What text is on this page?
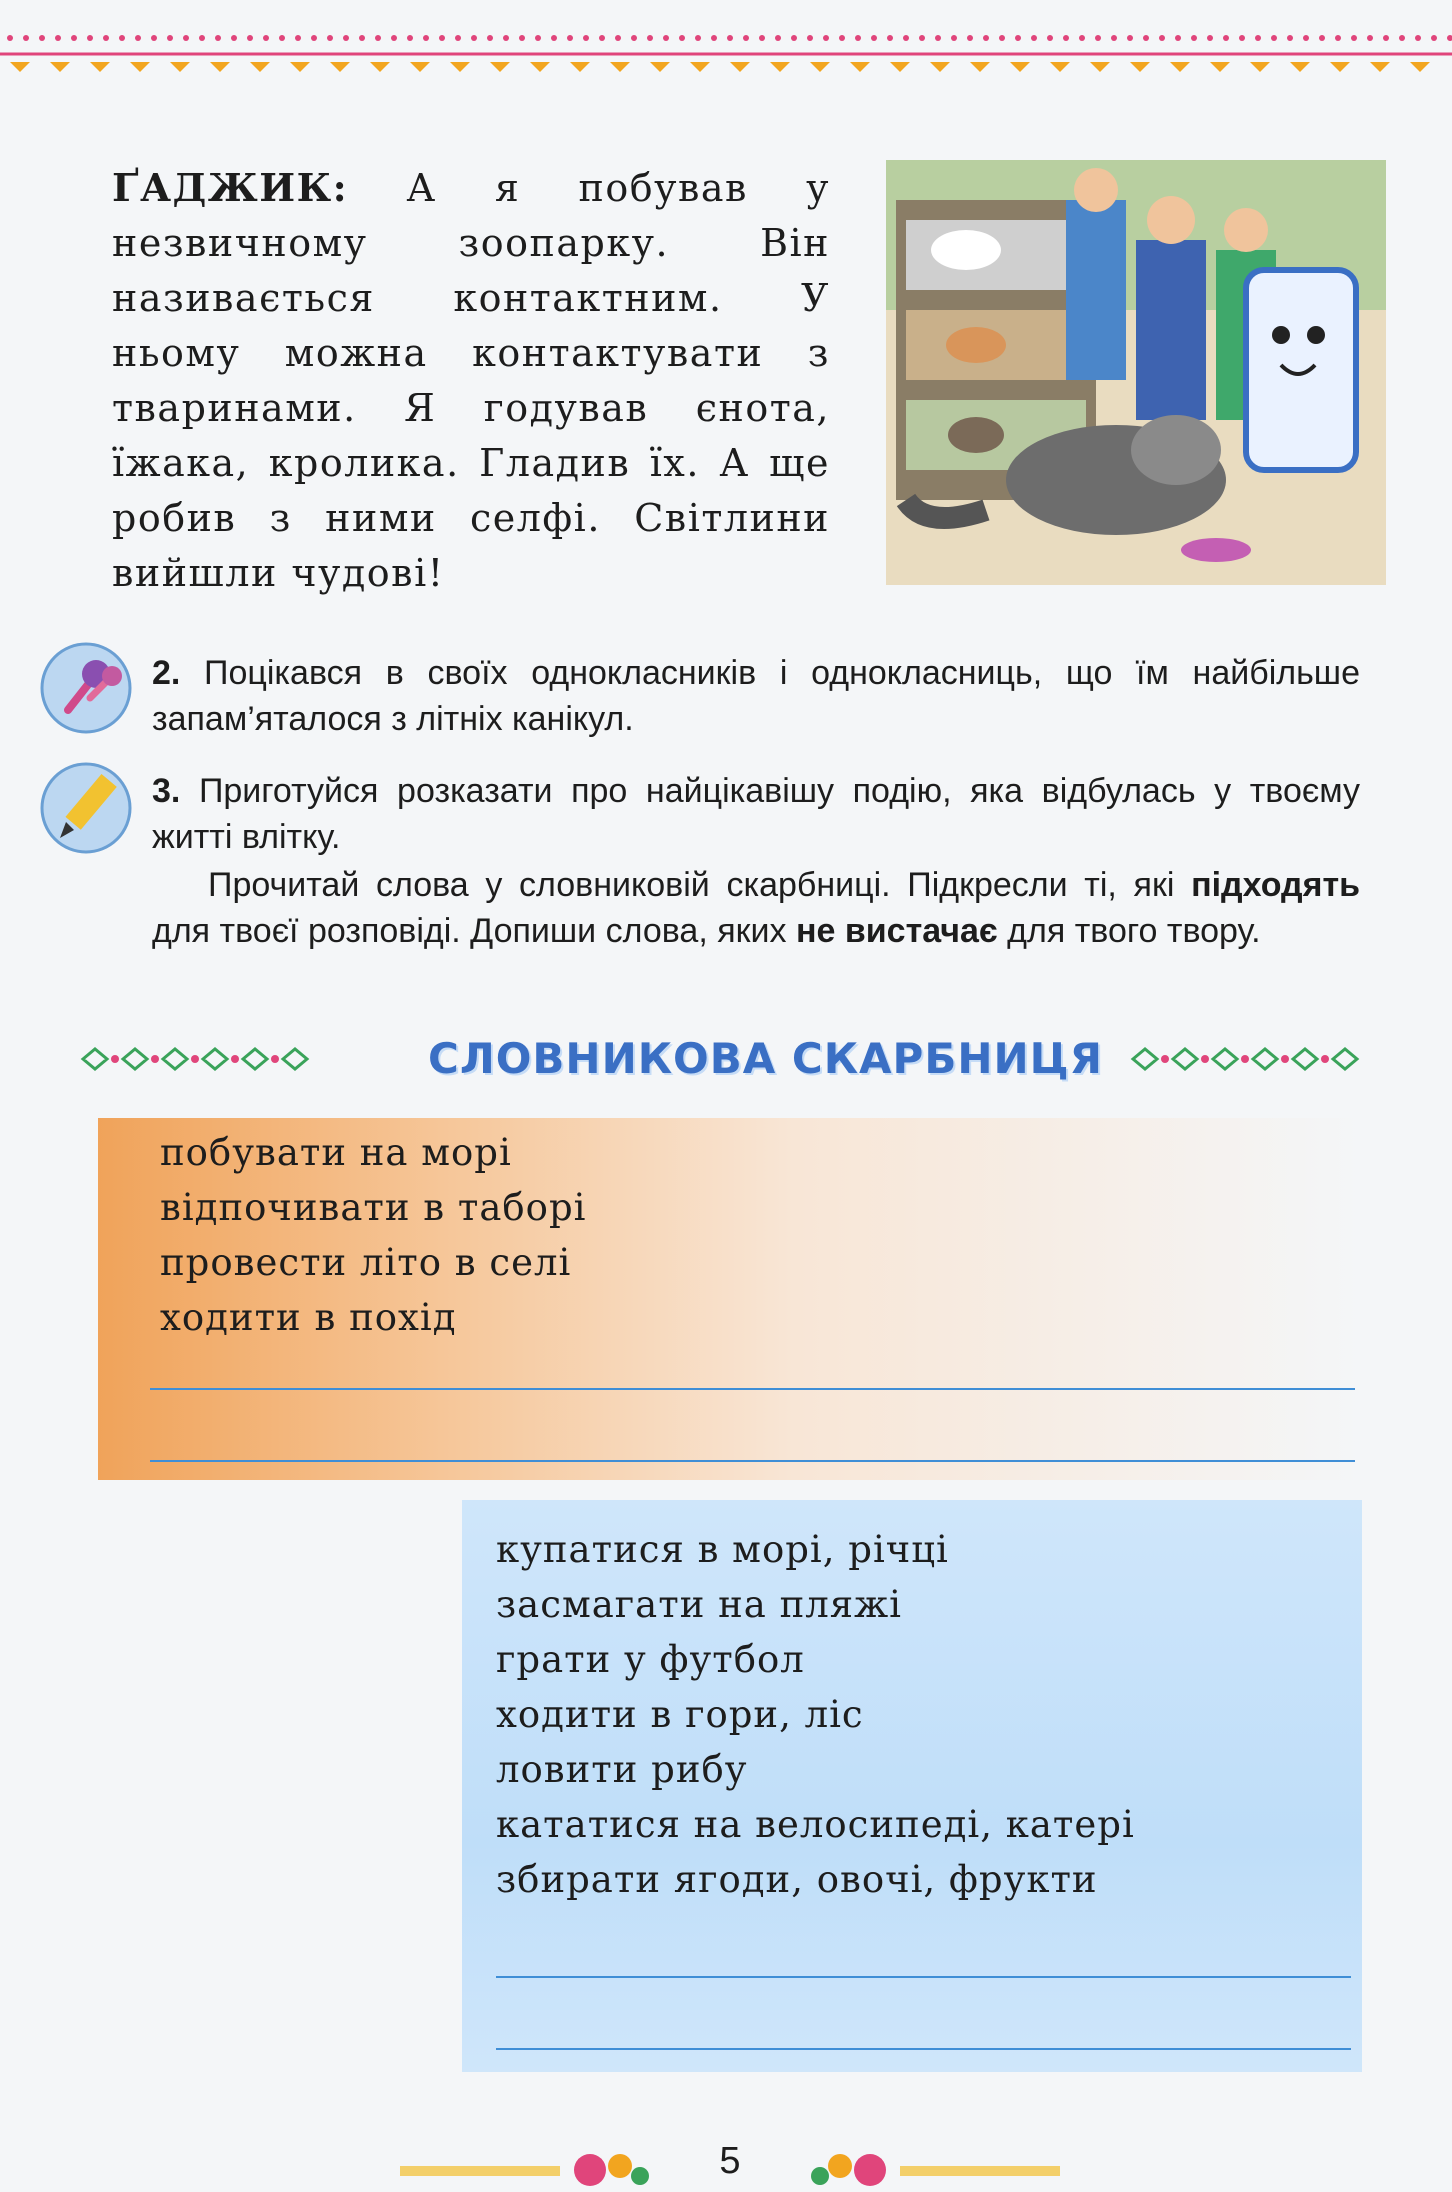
ҐАДЖИК: А я побував у незвичному зоопарку. Він називається контактним. У ньому можна контактувати з тваринами. Я годував єнота, їжака, кролика. Гладив їх. А ще робив з ними селфі. Світлини вийшли чудові!

2. Поцікався в своїх однокласників і однокласниць, що їм найбільше запам’яталося з літніх канікул.

3. Приготуйся розказати про найцікавішу подію, яка відбулась у твоєму житті влітку.

Прочитай слова у словниковій скарбниці. Підкресли ті, які підходять для твоєї розповіді. Допиши слова, яких не вистачає для твого твору.

СЛОВНИКОВА СКАРБНИЦЯ
побувати на морі
відпочивати в таборі
провести літо в селі
ходити в похід
купатися в морі, річці
засмагати на пляжі
грати у футбол
ходити в гори, ліс
ловити рибу
кататися на велосипеді, катері
збирати ягоди, овочі, фрукти
5
